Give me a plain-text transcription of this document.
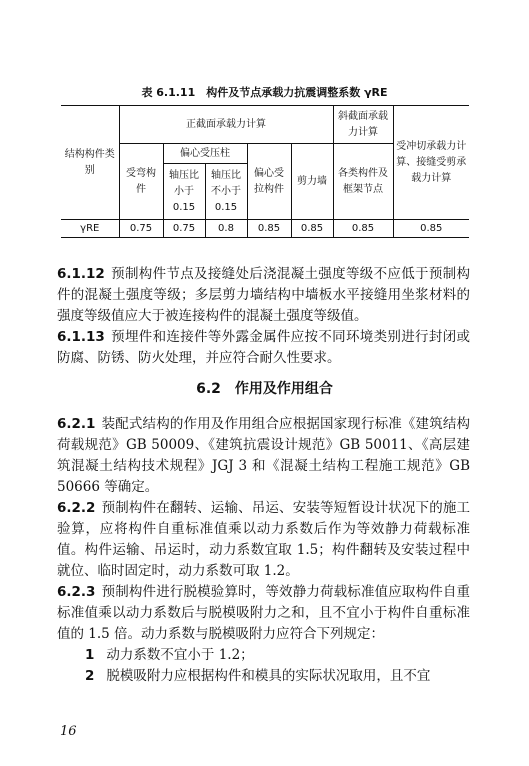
表 6.1.11　构件及节点承载力抗震调整系数 γRE
结构构件类别	正截面承载力计算					斜截面承载力计算	受冲切承载力计算、接缝受剪承载力计算
	受弯构件	偏心受压柱		偏心受拉构件	剪力墙	各类构件及框架节点	
		轴压比小于0.15	轴压比不小于0.15				
γRE	0.75	0.75	0.8	0.85	0.85	0.85	0.85

6.1.12 预制构件节点及接缝处后浇混凝土强度等级不应低于预制构件的混凝土强度等级；多层剪力墙结构中墙板水平接缝用坐浆材料的强度等级值应大于被连接构件的混凝土强度等级值。

6.1.13 预埋件和连接件等外露金属件应按不同环境类别进行封闭或防腐、防锈、防火处理，并应符合耐久性要求。

6.2　作用及作用组合

6.2.1 装配式结构的作用及作用组合应根据国家现行标准《建筑结构荷载规范》GB 50009、《建筑抗震设计规范》GB 50011、《高层建筑混凝土结构技术规程》JGJ 3 和《混凝土结构工程施工规范》GB 50666 等确定。

6.2.2 预制构件在翻转、运输、吊运、安装等短暂设计状况下的施工验算，应将构件自重标准值乘以动力系数后作为等效静力荷载标准值。构件运输、吊运时，动力系数宜取 1.5；构件翻转及安装过程中就位、临时固定时，动力系数可取 1.2。

6.2.3 预制构件进行脱模验算时，等效静力荷载标准值应取构件自重标准值乘以动力系数后与脱模吸附力之和，且不宜小于构件自重标准值的 1.5 倍。动力系数与脱模吸附力应符合下列规定：

1 动力系数不宜小于 1.2；

2 脱模吸附力应根据构件和模具的实际状况取用，且不宜

16
